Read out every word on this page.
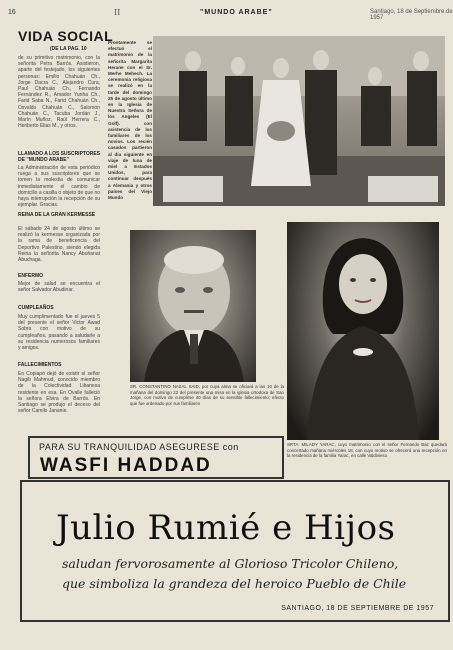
16	II	"MUNDO ARABE"	Santiago, 18 de Septiembre de 1957
VIDA SOCIAL
(DE LA PAG. 10
de su primitivo matrimonio, con la señorita Petra Barrós. Asistieron, aparte del festejado, los siguientes personas: Emilio Chahuán Ch., Jorge Dacra C., Alejandro Cura, Paul Chahuán Ch., Fernando Fernández R., Amador Yunha Ch., Farid Saba N., Farid Chahuán Ch., Osvaldo Chahuán C., Salomón Chahuán C., Tacuba Jordán J., Marín Muñoz, Raúl Herrera C., Heriberto Elias M., y otros.
LLAMADO A LOS SUSCRIPTORES DE "MUNDO ARABE"
La Administración de esta periódico ruega a sus suscriptores que se tomen la molestia de comunicar inmediatamente el cambio de domicilio a casilla o objeto de que no haya interrupción la recepción de su ejemplar. Gracias.
REINA DE LA GRAN KERMESSE
El sábado 24 de agosto último se realizó la kermesse organizada por la rama de beneficencia del Deportivo Palestino, siendo elegida Reina la señorita Nancy Abuhanat Abuchaga.
ENFERMO
Mejor de salud se encuentra el señor Salvador Abudinar.
CUMPLEAÑOS
Muy cumplimentado fue el jueves 5 del presente el señor Victor Awad Sobra con motivo de su cumpleaños, pasando a saludarle a su residencia numerosos familiares y amigos.
FALLECIMIENTOS
En Copiapó dejó de existir el señor Nagib Mahmud, conocido miembro de la Colectividad Libanesa residente en esa. En Ovalle falleció la señora Elvira de Barrós. En Santiago se produjo el deceso del señor Camilo Jananie.
Prontamente se efectuó el matrimonio de la señorita Margarita Herane con el Sr. Merhe Mehech. La ceremonia religiosa se realizó en la tarde del domingo 25 de agosto último en la Iglesia de Nuestra Señora de los Angeles (El Golf). con asistencia de los familiares de los novios. Los recién casados partieron al día siguiente en viaje de luna de miel a Estados Unidos, para continuar después a Alemania y otros países del Viejo Mundo
SR. CONSTANTINO NAZAL SAID, por cuya alma se oficiará a las 10 de la mañana del domingo 22 del presente una misa en la iglesia ortodoxa de San Jorge, con motivo de cumplirse 40 días de su sensible fallecimiento; efecto que fue ordenado por sus familiares
SRTA. MILADY YARAC, cuyo matrimonio con el señor Fernando Baz quedará concertado mañana miércoles 18, con cuyo motivo se ofrecerá una recepción en la residencia de la familia Yarac, en calle Valdivieso
PARA SU TRANQUILIDAD ASEGURESE con
WASFI HADDAD
Julio Rumié e Hijos
saludan fervorosamente al Glorioso Tricolor Chileno,
que simboliza la grandeza del heroico Pueblo de Chile
SANTIAGO, 18 DE SEPTIEMBRE DE 1957
